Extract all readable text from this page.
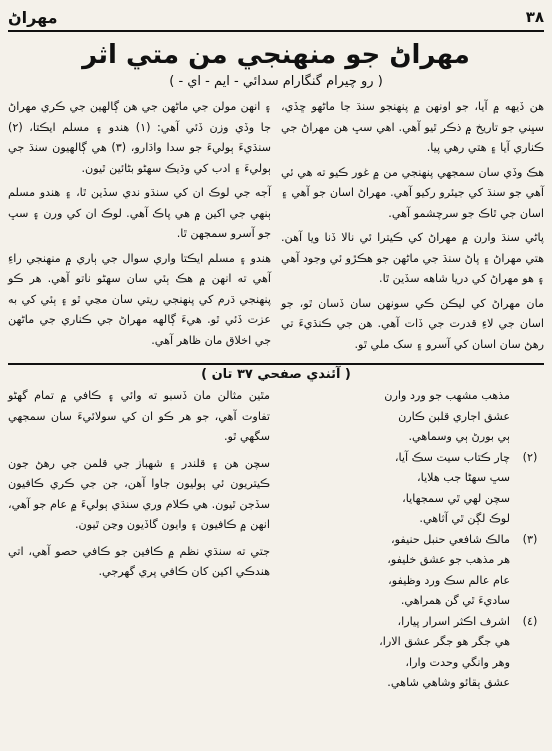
مهراڻ	٣٨
مهراڻ جو منهنجي من متي اثر
( رو چيرام گنگارام سدائي - ايم - اي - )

هن ڏيهه ۾ آيا، جو اونهن ۾ پنهنجو سنڌ جا ماڻهو ڇڏي، سڀني جو تاريخ ۾ ذڪر ٿيو آهي. اهي سڀ هن مهراڻ جي ڪناري آيا ۽ هتي رهي پيا.

هڪ وڏي سان سمجهي پنهنجي من ۾ غور ڪيو ته هي ئي آهي جو سنڌ کي جيئرو رکيو آهي. مهراڻ اسان جو آهي ۽ اسان جي ٿاڪ جو سرچشمو آهي.

پاڻي سنڌ وارن ۾ مهراڻ کي ڪيترا ئي نالا ڏنا ويا آهن. هتي مهراڻ ۽ پاڻ سنڌ جي ماڻهن جو هڪڙو ئي وجود آهي ۽ هو مهراڻ کي دريا شاهه سڏين ٿا.

مان مهراڻ کي ليڪن ڪي سونهن سان ڏسان ٿو، جو اسان جي لاءِ قدرت جي ڏات آهي. هن جي ڪنڌيءَ تي رهڻ سان اسان کي آسرو ۽ سک ملي ٿو.

۽ انهن مولن جي ماڻهن جي هن ڳالهين جي ڪري مهراڻ جا وڏي وزن ڏئي آهي: (١) هندو ۽ مسلم ايڪتا، (٢) سنڌيءَ ٻوليءَ جو سدا واڌارو، (٣) هي ڳالهيون سنڌ جي ٻوليءَ ۽ ادب کي وڌيڪ سهڻو بڻائين ٿيون.

آجه جي لوڪ ان کي سنڌو ندي سڏين ٿا، ۽ هندو مسلم ٻنهي جي اکين ۾ هي پاڪ آهي. لوڪ ان کي ورن ۽ سڀ جو آسرو سمجهن ٿا.

هندو ۽ مسلم ايڪتا واري سوال جي ٻاري ۾ منهنجي راءِ آهي ته انهن ۾ هڪ ٻئي سان سهڻو ناتو آهي. هر ڪو پنهنجي ڌرم کي پنهنجي ريتي سان مڃي ٿو ۽ ٻئي کي به عزت ڏئي ٿو. هيءَ ڳالهه مهراڻ جي ڪناري جي ماڻهن جي اخلاق مان ظاهر آهي.

( آئندي صفحي ٣٧ تان )
مذهب مشهب جو ورد وارن
عشق اجاري قلبن ڪارن
ٻي بورڻ ٻي وسماهي.
(٢)
چار ڪتاب سيت سڪ آيا،
سڀ سهڻا جب هلايا،
سچن لهي ٿي سمجهايا،
لوڪ لڳن ٿي آثاهي.
(٣)
مالڪ شافعي حنبل حنيفو،
هر مذهب جو عشق خليفو،
عام عالم سڪ ورد وظيفو،
ساديءَ ٿي گن همراهي.
(٤)
اشرف اڪثر اسرار پيارا،
هي جگر هو جگر عشق الارا،
وهر وانگي وحدت وارا،
عشق ٻقائو وشاهي شاهي.

مٿين مثالن مان ڏسبو ته وائي ۽ ڪافي ۾ تمام گهڻو تفاوت آهي، جو هر ڪو ان کي سولائيءَ سان سمجهي سگهي ٿو.

سچن هن ۽ قلندر ۽ شهباز جي قلمن جي رهڻ جون ڪيتريون ئي ٻوليون جاوا آهن، جن جي ڪري ڪافيون سڏجن ٿيون. هي ڪلام وري سنڌي ٻوليءَ ۾ عام جو آهي، انهن ۾ ڪافيون ۽ وايون گاڏيون وڃن ٿيون.

جتي ته سنڌي نظم ۾ ڪافين جو ڪافي حصو آهي، اتي هندڪي اکين کان ڪافي پري گهرجي.
